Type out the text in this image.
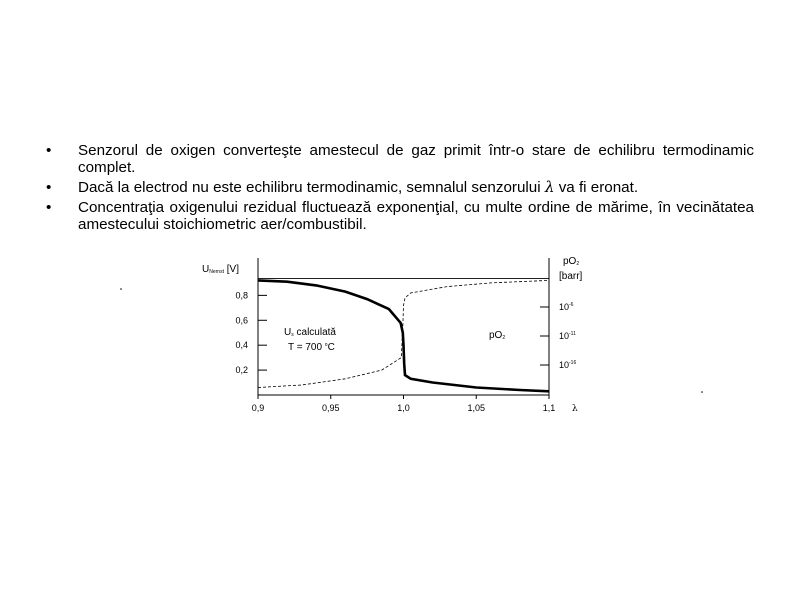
• Senzorul de oxigen converteşte amestecul de gaz primit într-o stare de echilibru termodinamic complet.
• Dacă la electrod nu este echilibru termodinamic, semnalul senzorului λ va fi eronat.
• Concentraţia oxigenului rezidual fluctuează exponenţial, cu multe ordine de mărime, în vecinătatea amestecului stoichiometric aer/combustibil.
0,9	0,95	1,0	1,05	1,1
0,2
0,4
0,6
0,8
$10^{-16}$
$10^{-11}$
$10^{-6}$
UNernst [V]
pO2
[barr]
λ
Us calculată
T = 700 $^o$C
pO2
